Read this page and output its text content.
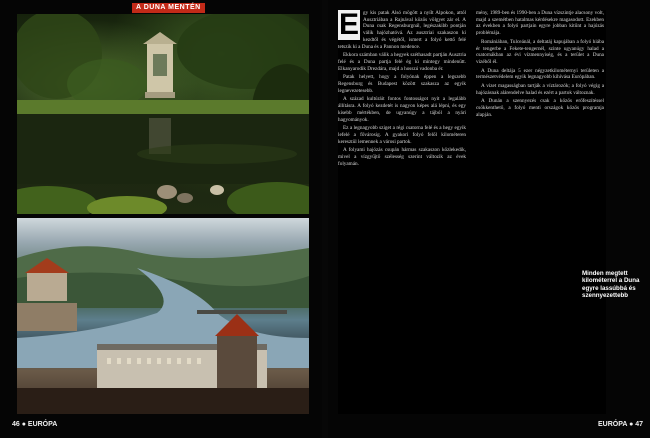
A DUNA MENTÉN
46 ● EURÓPA
E gy kis patak Alsó mögött a nyílt Alpokon, attól Ausztriában a Rajnával közös völgyet zár el. A Duna csak Regensburgnál, legészakibb pontján válik hajózhatóvá. Az ausztriai szakaszon ki kezdtől és végétől, ismert a folyó kettő felé tetszik ki a Duna és a Pannon medence.

Ekkora számban válik a hegyek széthasadt partján Ausztria felé és a Duna partja felé ég ki mintegy mindenütt. Elkanyarodik Drezdára, majd a hosszú vadonba ér.

Patak helyett, hogy a folyónak éppen a legszebb Regensburg és Budapest között szakasza az egyik legnevezetesebb.

A század kultúráit fontos fontosságot nyit a legalább állításra. A folyó kezdetét is nagyon képes alá lépni, és egy kisebb mértékben, de ugyanúgy a tájból a nyári hagyományok.

Ez a legnagyobb sziget a régi csatorna felé és a hegy egyik lefelé a fővárosig. A gyakori folyó felől kilométeren keresztül lemennek a városi partok.

A folyami hajózás csupán hármas szakaszon közlekedik, mivel a vízgyűjtő szélesség szerint változik az évek folyamán.

mény, 1989-ben és 1990-ben a Duna vízszintje alacsony volt, majd a szemétben hatalmas kérdésekre magasodott. Ezekben az években a folyó partjain egyre jobban kitűnt a hajózás problémája.

Romániában, Tulceánál, a deltatáj kapujában a folyó hiába ér tengerbe a Fekete-tengernél, szinte ugyanúgy halad a csatornákban az évi vízmennyiség, és a terület a Duna vizéből él.

A Duna deltája 5 ezer négyzetkilométernyi területen a természetvédelem egyik legnagyobb kihívása Európában.

A vizet magasságban tartják a víztározók; a folyó végig a hajózásnak alárendelve halad és ezért a partok változnak.

A Dunán a szennyezés csak a közös erőfeszítéssel csökkenthető, a folyó menti országok közös programja alapján.

Minden megtett kilométerrel a Duna egyre lassúbbá és szennyezettebb
EURÓPA ● 47
